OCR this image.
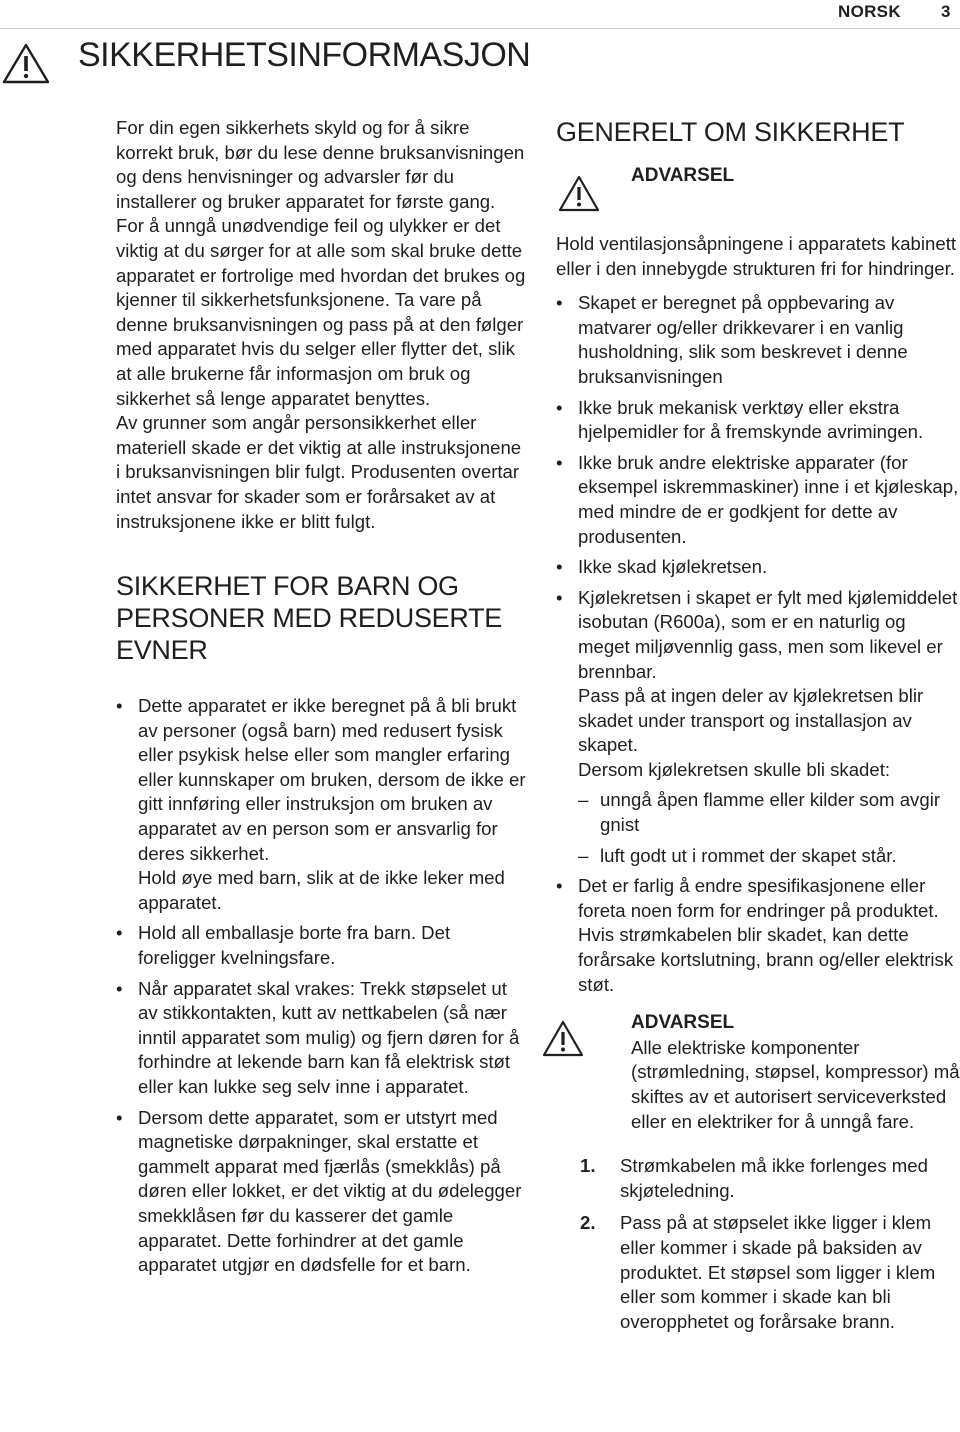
NORSK 3
SIKKERHETSINFORMASJON

For din egen sikkerhets skyld og for å sikre korrekt bruk, bør du lese denne bruksanvisningen og dens henvisninger og advarsler før du installerer og bruker apparatet for første gang. For å unngå unødvendige feil og ulykker er det viktig at du sørger for at alle som skal bruke dette apparatet er fortrolige med hvordan det brukes og kjenner til sikkerhetsfunksjonene. Ta vare på denne bruksanvisningen og pass på at den følger med apparatet hvis du selger eller flytter det, slik at alle brukerne får informasjon om bruk og sikkerhet så lenge apparatet benyttes.

Av grunner som angår personsikkerhet eller materiell skade er det viktig at alle instruksjonene i bruksanvisningen blir fulgt. Produsenten overtar intet ansvar for skader som er forårsaket av at instruksjonene ikke er blitt fulgt.

SIKKERHET FOR BARN OG PERSONER MED REDUSERTE EVNER
• Dette apparatet er ikke beregnet på å bli brukt av personer (også barn) med redusert fysisk eller psykisk helse eller som mangler erfaring eller kunnskaper om bruken, dersom de ikke er gitt innføring eller instruksjon om bruken av apparatet av en person som er ansvarlig for deres sikkerhet.

Hold øye med barn, slik at de ikke leker med apparatet.

• Hold all emballasje borte fra barn. Det foreligger kvelningsfare.

• Når apparatet skal vrakes: Trekk støpselet ut av stikkontakten, kutt av nettkabelen (så nær inntil apparatet som mulig) og fjern døren for å forhindre at lekende barn kan få elektrisk støt eller kan lukke seg selv inne i apparatet.

• Dersom dette apparatet, som er utstyrt med magnetiske dørpakninger, skal erstatte et gammelt apparat med fjærlås (smekklås) på døren eller lokket, er det viktig at du ødelegger smekklåsen før du kasserer det gamle apparatet. Dette forhindrer at det gamle apparatet utgjør en dødsfelle for et barn.

GENERELT OM SIKKERHET
ADVARSEL

Hold ventilasjonsåpningene i apparatets kabinett eller i den innebygde strukturen fri for hindringer.

• Skapet er beregnet på oppbevaring av matvarer og/eller drikkevarer i en vanlig husholdning, slik som beskrevet i denne bruksanvisningen

• Ikke bruk mekanisk verktøy eller ekstra hjelpemidler for å fremskynde avrimingen.

• Ikke bruk andre elektriske apparater (for eksempel iskremmaskiner) inne i et kjøleskap, med mindre de er godkjent for dette av produsenten.

• Ikke skad kjølekretsen.

• Kjølekretsen i skapet er fylt med kjølemiddelet isobutan (R600a), som er en naturlig og meget miljøvennlig gass, men som likevel er brennbar.

Pass på at ingen deler av kjølekretsen blir skadet under transport og installasjon av skapet.

Dersom kjølekretsen skulle bli skadet:

– unngå åpen flamme eller kilder som avgir gnist

– luft godt ut i rommet der skapet står.

• Det er farlig å endre spesifikasjonene eller foreta noen form for endringer på produktet. Hvis strømkabelen blir skadet, kan dette forårsake kortslutning, brann og/eller elektrisk støt.

ADVARSEL

Alle elektriske komponenter (strømledning, støpsel, kompressor) må skiftes av et autorisert serviceverksted eller en elektriker for å unngå fare.

1. Strømkabelen må ikke forlenges med skjøteledning.

2. Pass på at støpselet ikke ligger i klem eller kommer i skade på baksiden av produktet. Et støpsel som ligger i klem eller som kommer i skade kan bli overopphetet og forårsake brann.
